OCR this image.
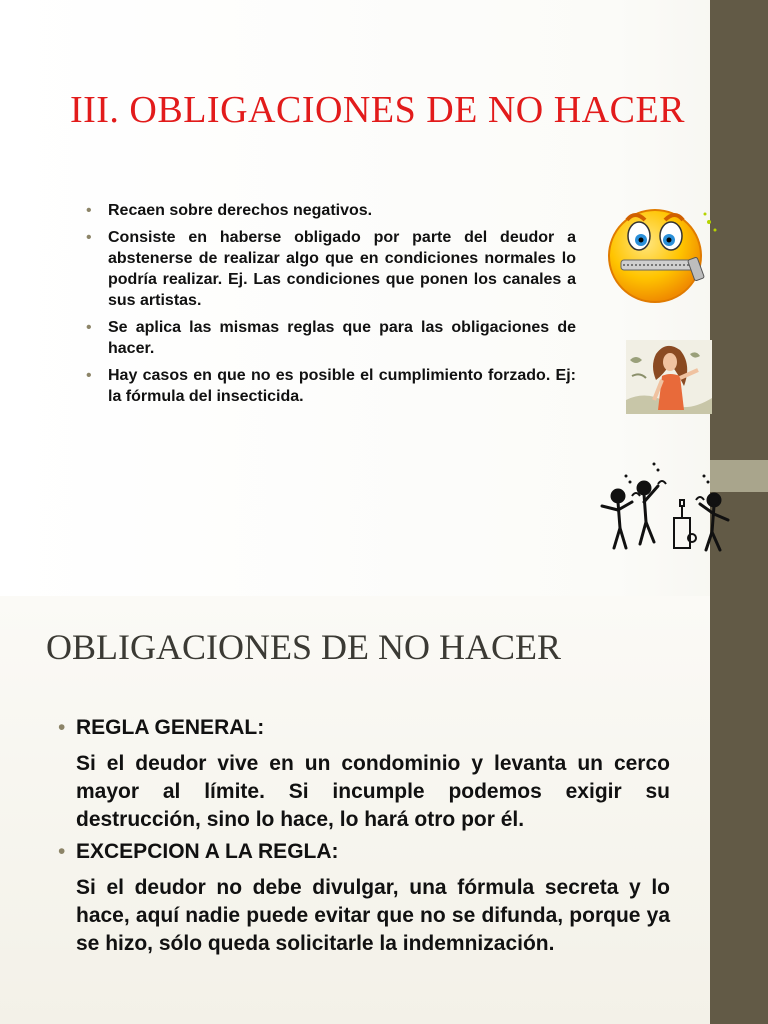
III. OBLIGACIONES DE NO HACER
• Recaen sobre derechos negativos.
• Consiste en haberse obligado por parte del deudor a abstenerse de realizar algo que en condiciones normales lo podría realizar. Ej. Las condiciones que ponen los canales a sus artistas.
• Se aplica las mismas reglas que para las obligaciones de hacer.
• Hay casos en que no es posible el cumplimiento forzado. Ej: la fórmula del insecticida.
OBLIGACIONES DE NO HACER
• REGLA GENERAL:
Si el deudor vive en un condominio y levanta un cerco mayor al límite. Si incumple podemos exigir su destrucción, sino lo hace, lo hará otro por él.
• EXCEPCION A LA REGLA:
Si el deudor no debe divulgar, una fórmula secreta y lo hace, aquí nadie puede evitar que no se difunda, porque ya se hizo, sólo queda solicitarle la indemnización.
